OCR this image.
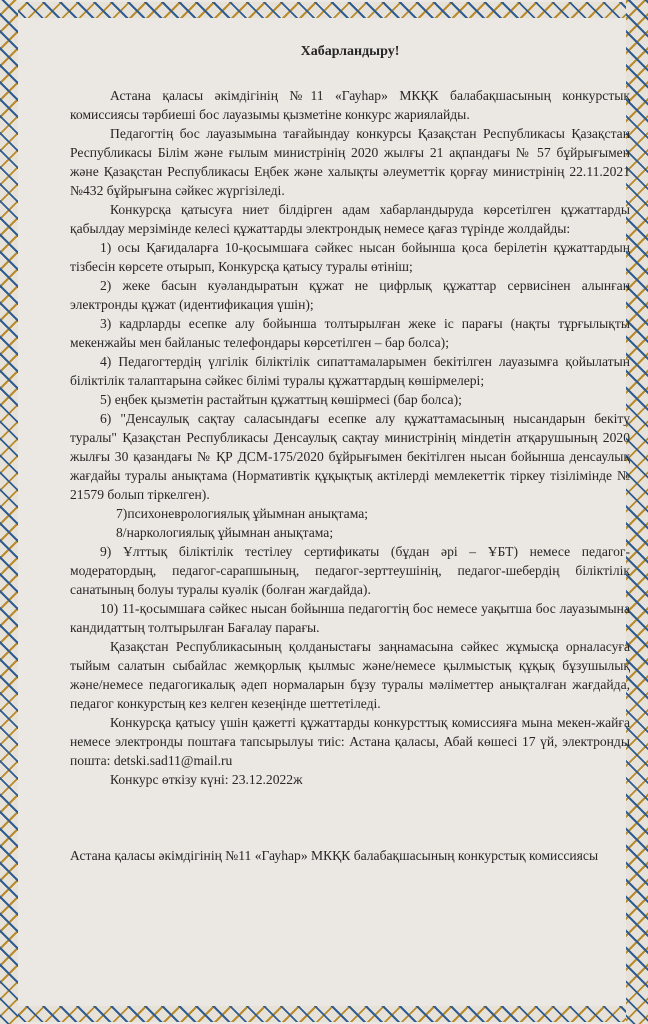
Хабарландыру!

Астана қаласы әкімдігінің №11 «Гауһар» МКҚК балабақшасының конкурстық комиссиясы тәрбиеші бос лауазымы қызметіне конкурс жариялайды.

Педагогтің бос лауазымына тағайындау конкурсы Қазақстан Республикасы Қазақстан Республикасы Білім және ғылым министрінің 2020 жылғы 21 ақпандағы № 57 бұйрығымен және Қазақстан Республикасы Еңбек және халықты әлеуметтік қорғау министрінің 22.11.2021 №432 бұйрығына сәйкес жүргізіледі.

Конкурсқа қатысуға ниет білдірген адам хабарландыруда көрсетілген құжаттарды қабылдау мерзімінде келесі құжаттарды электрондық немесе қағаз түрінде жолдайды:

1) осы Қағидаларға 10-қосымшаға сәйкес нысан бойынша қоса берілетін құжаттардың тізбесін көрсете отырып, Конкурсқа қатысу туралы өтініш;

2) жеке басын куәландыратын құжат не цифрлық құжаттар сервисінен алынған электронды құжат (идентификация үшін);

3) кадрларды есепке алу бойынша толтырылған жеке іс парағы (нақты тұрғылықты мекенжайы мен байланыс телефондары көрсетілген – бар болса);

4) Педагогтердің үлгілік біліктілік сипаттамаларымен бекітілген лауазымға қойылатын біліктілік талаптарына сәйкес білімі туралы құжаттардың көшірмелері;

5) еңбек қызметін растайтын құжаттың көшірмесі (бар болса);

6) "Денсаулық сақтау саласындағы есепке алу құжаттамасының нысандарын бекіту туралы" Қазақстан Республикасы Денсаулық сақтау министрінің міндетін атқарушының 2020 жылғы 30 қазандағы № ҚР ДСМ-175/2020 бұйрығымен бекітілген нысан бойынша денсаулық жағдайы туралы анықтама (Нормативтік құқықтық актілерді мемлекеттік тіркеу тізілімінде № 21579 болып тіркелген).

7)психоневрологиялық ұйымнан анықтама;

8/наркологиялық ұйымнан анықтама;

9) Ұлттық біліктілік тестілеу сертификаты (бұдан әрі – ҰБТ) немесе педагог-модератордың, педагог-сарапшының, педагог-зерттеушінің, педагог-шебердің біліктілік санатының болуы туралы куәлік (болған жағдайда).

10) 11-қосымшаға сәйкес нысан бойынша педагогтің бос немесе уақытша бос лауазымына кандидаттың толтырылған Бағалау парағы.

Қазақстан Республикасының қолданыстағы заңнамасына сәйкес жұмысқа орналасуға тыйым салатын сыбайлас жемқорлық қылмыс және/немесе қылмыстық құқық бұзушылық және/немесе педагогикалық әдеп нормаларын бұзу туралы мәліметтер анықталған жағдайда, педагог конкурстың кез келген кезеңінде шеттетіледі.

Конкурсқа қатысу үшін қажетті құжаттарды конкурсттық комиссияға мына мекен-жайға немесе электронды поштаға тапсырылуы тиіс: Астана қаласы, Абай көшесі 17 үй, электронды пошта: detski.sad11@mail.ru

Конкурс өткізу күні: 23.12.2022ж

Астана қаласы әкімдігінің №11 «Гауһар» МКҚК балабақшасының конкурстық комиссиясы
